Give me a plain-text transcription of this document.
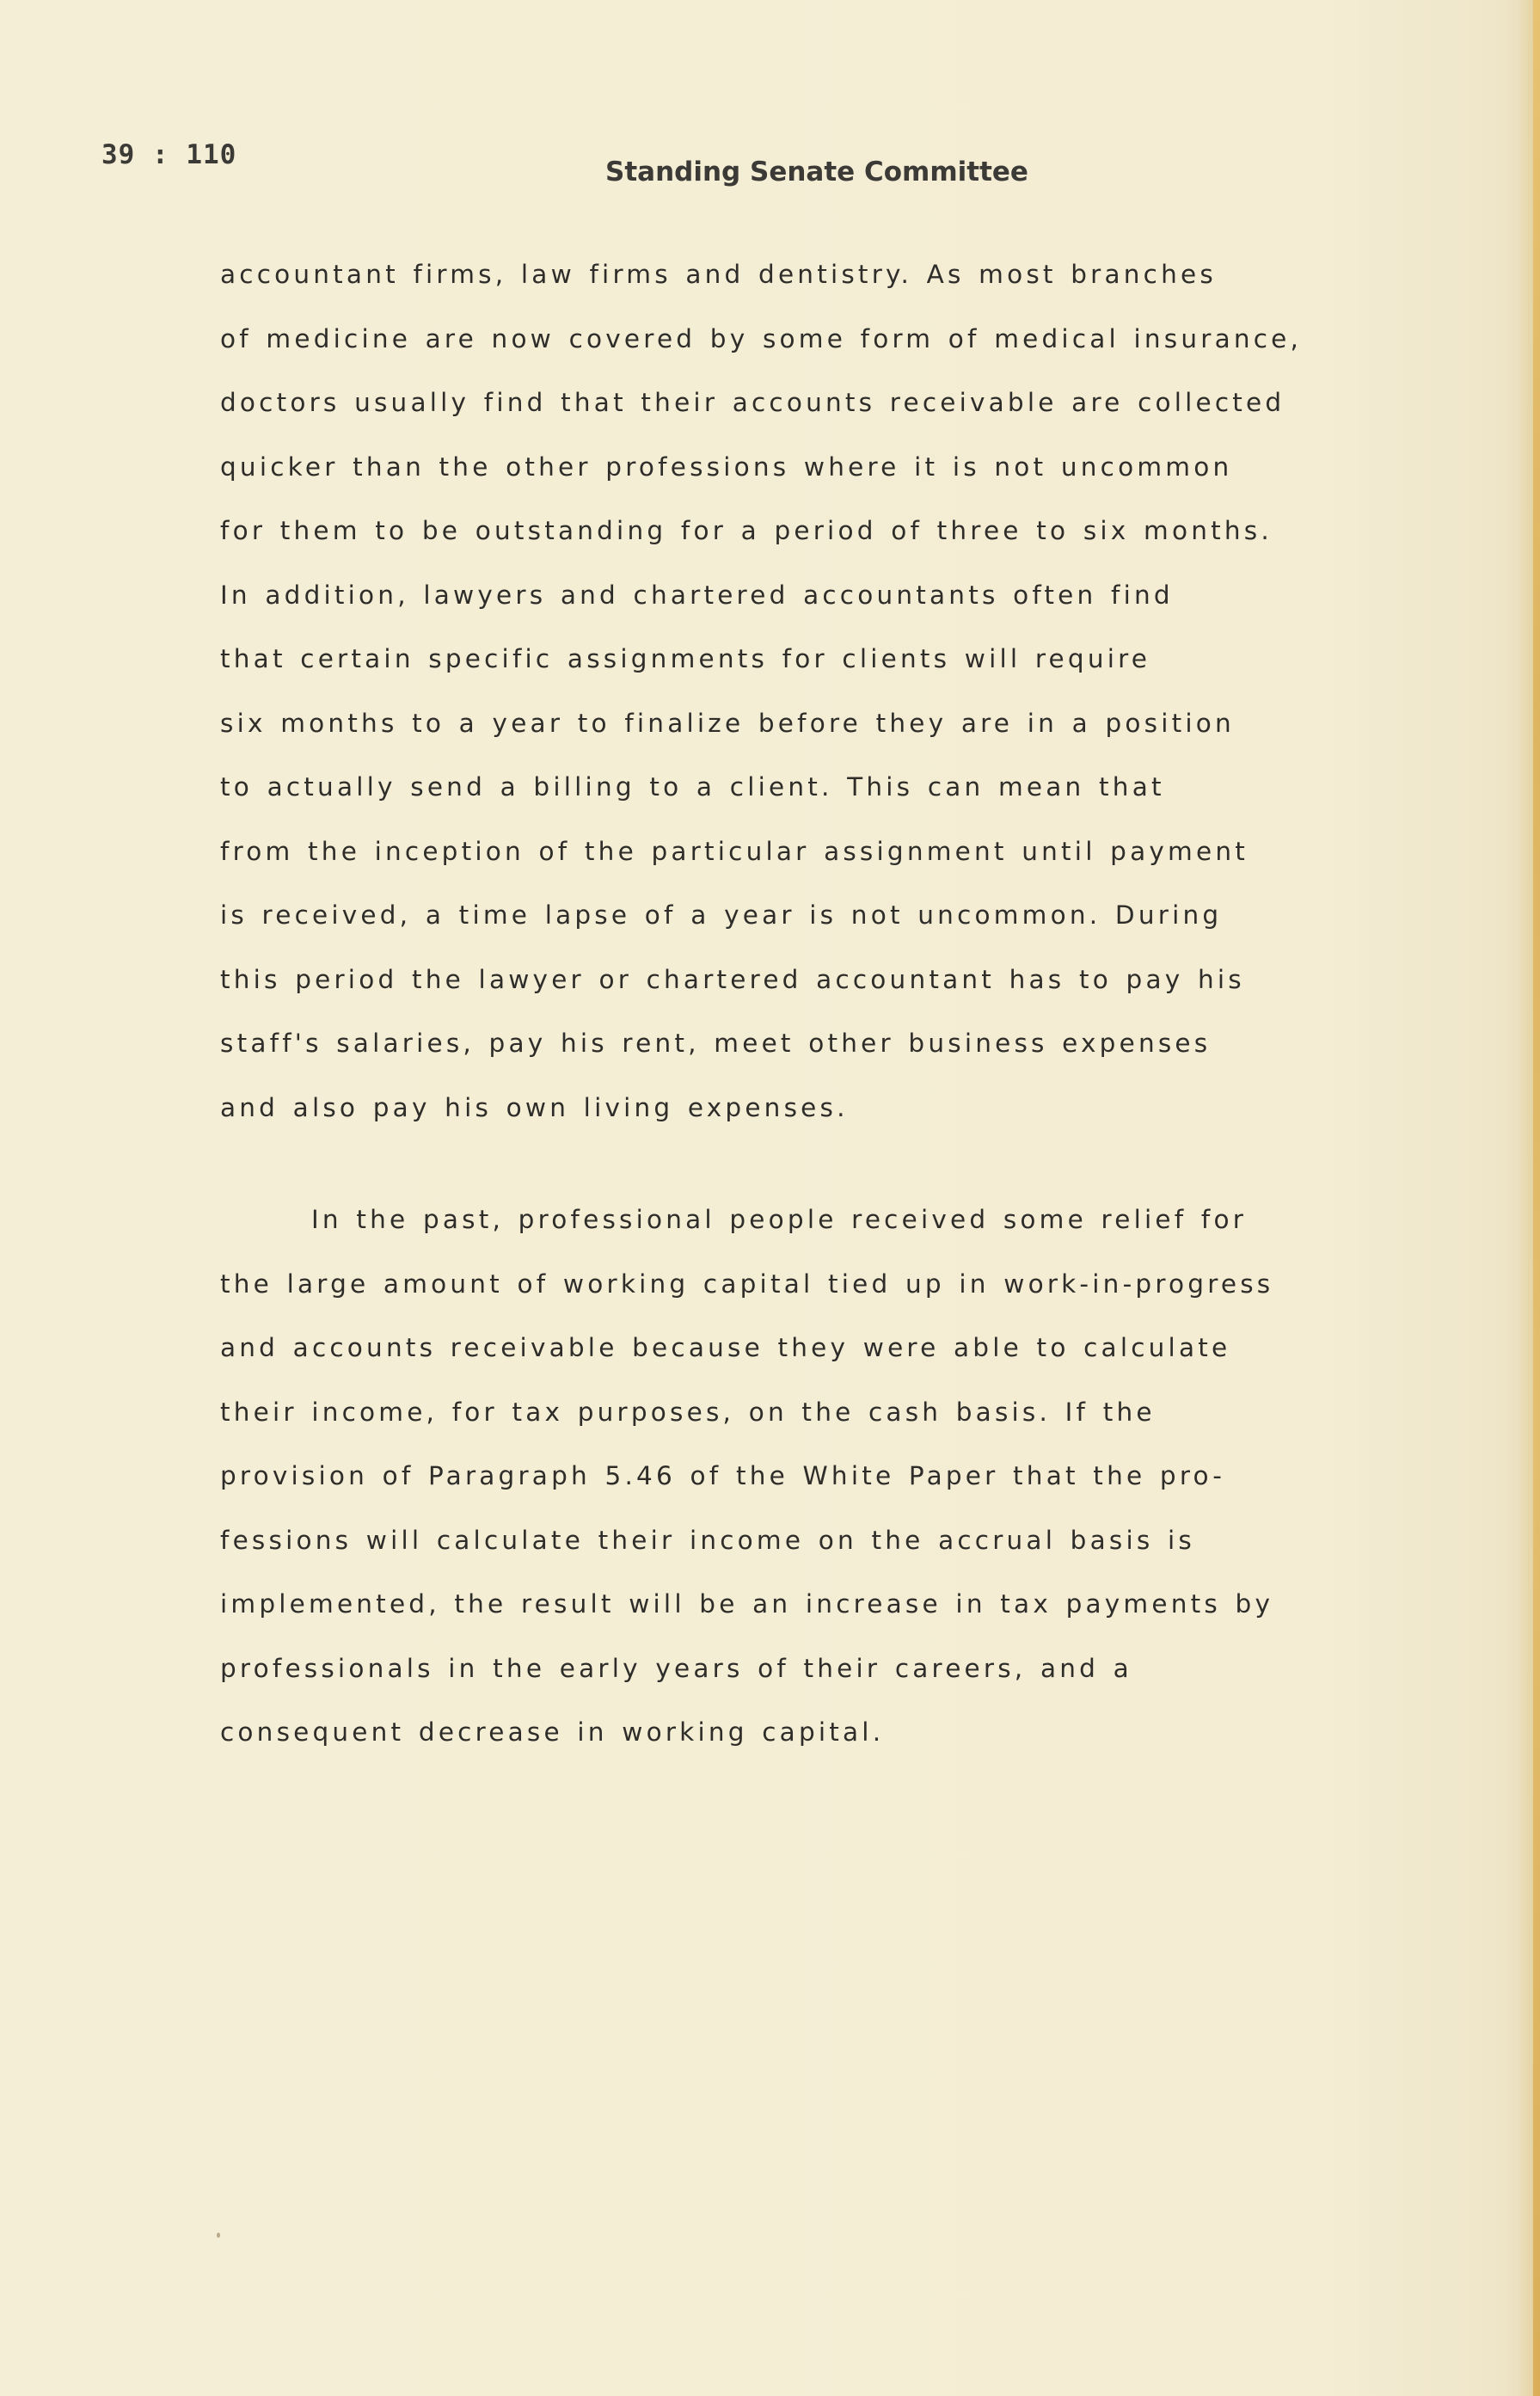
39 : 110
Standing Senate Committee
accountant firms, law firms and dentistry. As most branches
of medicine are now covered by some form of medical insurance,
doctors usually find that their accounts receivable are collected
quicker than the other professions where it is not uncommon
for them to be outstanding for a period of three to six months.
In addition, lawyers and chartered accountants often find
that certain specific assignments for clients will require
six months to a year to finalize before they are in a position
to actually send a billing to a client. This can mean that
from the inception of the particular assignment until payment
is received, a time lapse of a year is not uncommon. During
this period the lawyer or chartered accountant has to pay his
staff's salaries, pay his rent, meet other business expenses
and also pay his own living expenses.
In the past, professional people received some relief for
the large amount of working capital tied up in work-in-progress
and accounts receivable because they were able to calculate
their income, for tax purposes, on the cash basis. If the
provision of Paragraph 5.46 of the White Paper that the pro-
fessions will calculate their income on the accrual basis is
implemented, the result will be an increase in tax payments by
professionals in the early years of their careers, and a
consequent decrease in working capital.
